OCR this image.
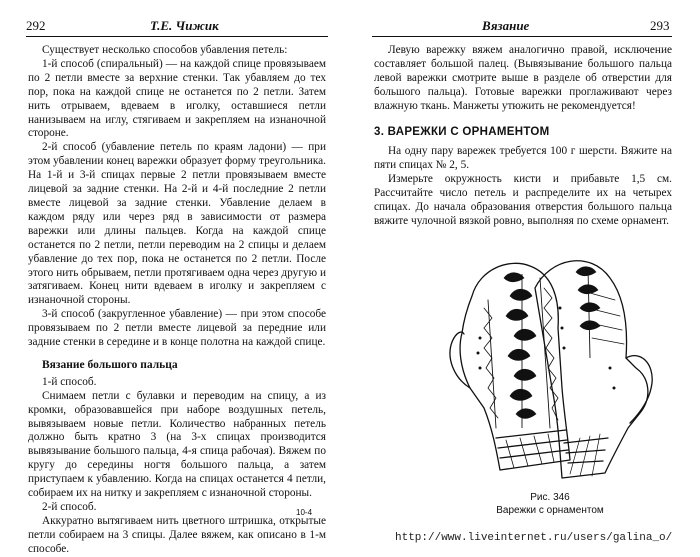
292	Т.Е. Чижик

Существует несколько способов убавления петель:

1-й способ (спиральный) — на каждой спице провязываем по 2 петли вместе за верхние стенки. Так убавляем до тех пор, пока на каждой спице не останется по 2 петли. Затем нить отрываем, вдеваем в иголку, оставшиеся петли нанизываем на иглу, стягиваем и закрепляем на изнаночной стороне.

2-й способ (убавление петель по краям ладони) — при этом убавлении конец варежки образует форму треугольника. На 1-й и 3-й спицах первые 2 петли провязываем вместе лицевой за задние стенки. На 2-й и 4-й последние 2 петли вместе лицевой за задние стенки. Убавление делаем в каждом ряду или через ряд в зависимости от размера варежки или длины пальцев. Когда на каждой спице останется по 2 петли, петли переводим на 2 спицы и делаем убавление до тех пор, пока не останется по 2 петли. После этого нить обрываем, петли протягиваем одна через другую и затягиваем. Конец нити вдеваем в иголку и закрепляем с изнаночной стороны.

3-й способ (закругленное убавление) — при этом способе провязываем по 2 петли вместе лицевой за передние или задние стенки в середине и в конце полотна на каждой спице.

Вязание большого пальца

1-й способ.

Снимаем петли с булавки и переводим на спицу, а из кромки, образовавшейся при наборе воздушных петель, вывязываем новые петли. Количество набранных петель должно быть кратно 3 (на 3-х спицах производится вывязывание большого пальца, 4-я спица рабочая). Вяжем по кругу до середины ногтя большого пальца, а затем приступаем к убавлению. Когда на спицах останется 4 петли, собираем их на нитку и закрепляем с изнаночной стороны.

2-й способ.

Аккуратно вытягиваем нить цветного штришка, открытые петли собираем на 3 спицы. Далее вяжем, как описано в 1-м способе.

10-4
Вязание	293

Левую варежку вяжем аналогично правой, исключение составляет большой палец. (Вывязывание большого пальца левой варежки смотрите выше в разделе об отверстии для большого пальца). Готовые варежки проглаживают через влажную ткань. Манжеты утюжить не рекомендуется!

3. ВАРЕЖКИ С ОРНАМЕНТОМ

На одну пару варежек требуется 100 г шерсти. Вяжите на пяти спицах № 2, 5.

Измерьте окружность кисти и прибавьте 1,5 см. Рассчитайте число петель и распределите их на четырех спицах. До начала образования отверстия большого пальца вяжите чулочной вязкой ровно, выполняя по схеме орнамент.

Рис. 346
Варежки с орнаментом
http://www.liveinternet.ru/users/galina_o/
